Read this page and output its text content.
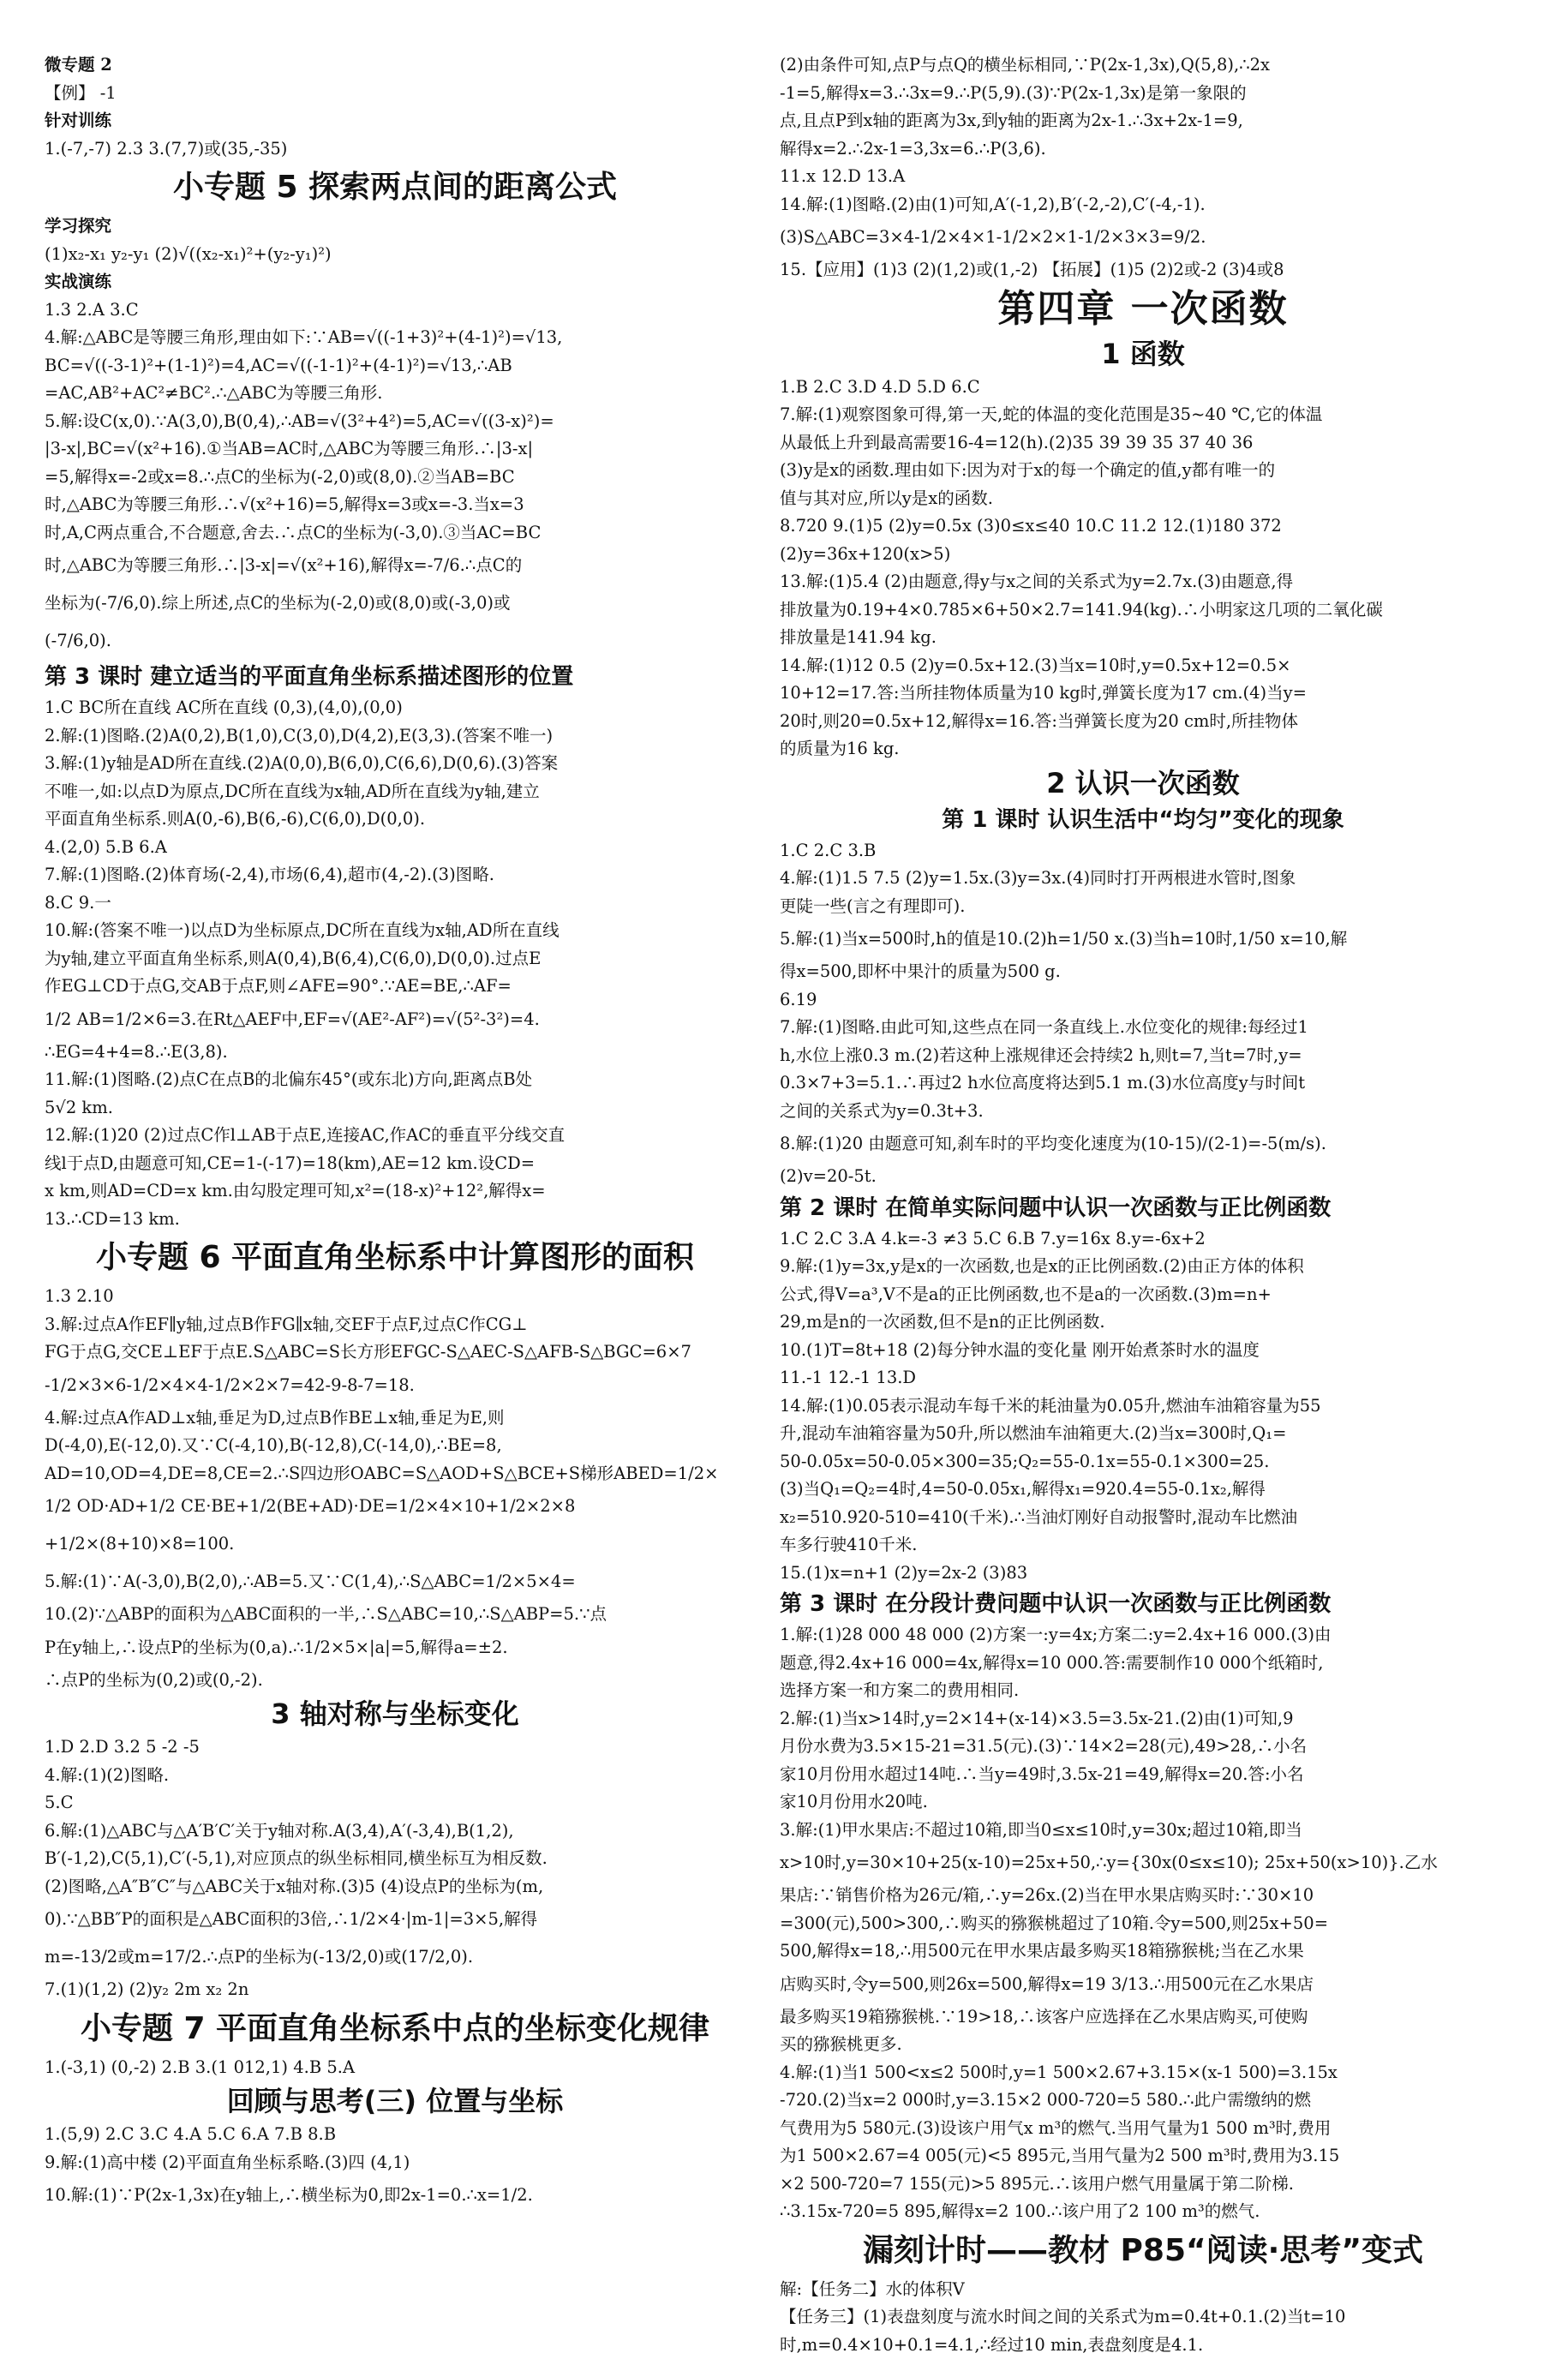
微专题 2
【例】 -1
针对训练
1.(-7,-7) 2.3 3.(7,7)或(35,-35)
小专题 5 探索两点间的距离公式
学习探究
(1)x₂-x₁ y₂-y₁ (2)√((x₂-x₁)²+(y₂-y₁)²)
实战演练
1.3 2.A 3.C
4.解:△ABC是等腰三角形,理由如下:∵AB=√((-1+3)²+(4-1)²)=√13,
BC=√((-3-1)²+(1-1)²)=4,AC=√((-1-1)²+(4-1)²)=√13,∴AB
=AC,AB²+AC²≠BC².∴△ABC为等腰三角形.
5.解:设C(x,0).∵A(3,0),B(0,4),∴AB=√(3²+4²)=5,AC=√((3-x)²)=
|3-x|,BC=√(x²+16).①当AB=AC时,△ABC为等腰三角形.∴|3-x|
=5,解得x=-2或x=8.∴点C的坐标为(-2,0)或(8,0).②当AB=BC
时,△ABC为等腰三角形.∴√(x²+16)=5,解得x=3或x=-3.当x=3
时,A,C两点重合,不合题意,舍去.∴点C的坐标为(-3,0).③当AC=BC
时,△ABC为等腰三角形.∴|3-x|=√(x²+16),解得x=-7/6.∴点C的
坐标为(-7/6,0).综上所述,点C的坐标为(-2,0)或(8,0)或(-3,0)或
(-7/6,0).
第 3 课时 建立适当的平面直角坐标系描述图形的位置
1.C BC所在直线 AC所在直线 (0,3),(4,0),(0,0)
2.解:(1)图略.(2)A(0,2),B(1,0),C(3,0),D(4,2),E(3,3).(答案不唯一)
3.解:(1)y轴是AD所在直线.(2)A(0,0),B(6,0),C(6,6),D(0,6).(3)答案
不唯一,如:以点D为原点,DC所在直线为x轴,AD所在直线为y轴,建立
平面直角坐标系.则A(0,-6),B(6,-6),C(6,0),D(0,0).
4.(2,0) 5.B 6.A
7.解:(1)图略.(2)体育场(-2,4),市场(6,4),超市(4,-2).(3)图略.
8.C 9.一
10.解:(答案不唯一)以点D为坐标原点,DC所在直线为x轴,AD所在直线
为y轴,建立平面直角坐标系,则A(0,4),B(6,4),C(6,0),D(0,0).过点E
作EG⊥CD于点G,交AB于点F,则∠AFE=90°.∵AE=BE,∴AF=
1/2 AB=1/2×6=3.在Rt△AEF中,EF=√(AE²-AF²)=√(5²-3²)=4.
∴EG=4+4=8.∴E(3,8).
11.解:(1)图略.(2)点C在点B的北偏东45°(或东北)方向,距离点B处
5√2 km.
12.解:(1)20 (2)过点C作l⊥AB于点E,连接AC,作AC的垂直平分线交直
线l于点D,由题意可知,CE=1-(-17)=18(km),AE=12 km.设CD=
x km,则AD=CD=x km.由勾股定理可知,x²=(18-x)²+12²,解得x=
13.∴CD=13 km.
小专题 6 平面直角坐标系中计算图形的面积
1.3 2.10
3.解:过点A作EF∥y轴,过点B作FG∥x轴,交EF于点F,过点C作CG⊥
FG于点G,交CE⊥EF于点E.S△ABC=S长方形EFGC-S△AEC-S△AFB-S△BGC=6×7
-1/2×3×6-1/2×4×4-1/2×2×7=42-9-8-7=18.
4.解:过点A作AD⊥x轴,垂足为D,过点B作BE⊥x轴,垂足为E,则
D(-4,0),E(-12,0).又∵C(-4,10),B(-12,8),C(-14,0),∴BE=8,
AD=10,OD=4,DE=8,CE=2.∴S四边形OABC=S△AOD+S△BCE+S梯形ABED=1/2×
1/2 OD·AD+1/2 CE·BE+1/2(BE+AD)·DE=1/2×4×10+1/2×2×8
+1/2×(8+10)×8=100.
5.解:(1)∵A(-3,0),B(2,0),∴AB=5.又∵C(1,4),∴S△ABC=1/2×5×4=
10.(2)∵△ABP的面积为△ABC面积的一半,∴S△ABC=10,∴S△ABP=5.∵点
P在y轴上,∴设点P的坐标为(0,a).∴1/2×5×|a|=5,解得a=±2.
∴点P的坐标为(0,2)或(0,-2).
3 轴对称与坐标变化
1.D 2.D 3.2 5 -2 -5
4.解:(1)(2)图略.
5.C
6.解:(1)△ABC与△A′B′C′关于y轴对称.A(3,4),A′(-3,4),B(1,2),
B′(-1,2),C(5,1),C′(-5,1),对应顶点的纵坐标相同,横坐标互为相反数.
(2)图略,△A″B″C″与△ABC关于x轴对称.(3)5 (4)设点P的坐标为(m,
0).∵△BB″P的面积是△ABC面积的3倍,∴1/2×4·|m-1|=3×5,解得
m=-13/2或m=17/2.∴点P的坐标为(-13/2,0)或(17/2,0).
7.(1)(1,2) (2)y₂ 2m x₂ 2n
小专题 7 平面直角坐标系中点的坐标变化规律
1.(-3,1) (0,-2) 2.B 3.(1 012,1) 4.B 5.A
回顾与思考(三) 位置与坐标
1.(5,9) 2.C 3.C 4.A 5.C 6.A 7.B 8.B
9.解:(1)高中楼 (2)平面直角坐标系略.(3)四 (4,1)
10.解:(1)∵P(2x-1,3x)在y轴上,∴横坐标为0,即2x-1=0.∴x=1/2.
(2)由条件可知,点P与点Q的横坐标相同,∵P(2x-1,3x),Q(5,8),∴2x
-1=5,解得x=3.∴3x=9.∴P(5,9).(3)∵P(2x-1,3x)是第一象限的
点,且点P到x轴的距离为3x,到y轴的距离为2x-1.∴3x+2x-1=9,
解得x=2.∴2x-1=3,3x=6.∴P(3,6).
11.x 12.D 13.A
14.解:(1)图略.(2)由(1)可知,A′(-1,2),B′(-2,-2),C′(-4,-1).
(3)S△ABC=3×4-1/2×4×1-1/2×2×1-1/2×3×3=9/2.
15.【应用】(1)3 (2)(1,2)或(1,-2) 【拓展】(1)5 (2)2或-2 (3)4或8
第四章 一次函数
1 函数
1.B 2.C 3.D 4.D 5.D 6.C
7.解:(1)观察图象可得,第一天,蛇的体温的变化范围是35~40 ℃,它的体温
从最低上升到最高需要16-4=12(h).(2)35 39 39 35 37 40 36
(3)y是x的函数.理由如下:因为对于x的每一个确定的值,y都有唯一的
值与其对应,所以y是x的函数.
8.720 9.(1)5 (2)y=0.5x (3)0≤x≤40 10.C 11.2 12.(1)180 372
(2)y=36x+120(x>5)
13.解:(1)5.4 (2)由题意,得y与x之间的关系式为y=2.7x.(3)由题意,得
排放量为0.19+4×0.785×6+50×2.7=141.94(kg).∴小明家这几项的二氧化碳
排放量是141.94 kg.
14.解:(1)12 0.5 (2)y=0.5x+12.(3)当x=10时,y=0.5x+12=0.5×
10+12=17.答:当所挂物体质量为10 kg时,弹簧长度为17 cm.(4)当y=
20时,则20=0.5x+12,解得x=16.答:当弹簧长度为20 cm时,所挂物体
的质量为16 kg.
2 认识一次函数
第 1 课时 认识生活中“均匀”变化的现象
1.C 2.C 3.B
4.解:(1)1.5 7.5 (2)y=1.5x.(3)y=3x.(4)同时打开两根进水管时,图象
更陡一些(言之有理即可).
5.解:(1)当x=500时,h的值是10.(2)h=1/50 x.(3)当h=10时,1/50 x=10,解
得x=500,即杯中果汁的质量为500 g.
6.19
7.解:(1)图略.由此可知,这些点在同一条直线上.水位变化的规律:每经过1
h,水位上涨0.3 m.(2)若这种上涨规律还会持续2 h,则t=7,当t=7时,y=
0.3×7+3=5.1.∴再过2 h水位高度将达到5.1 m.(3)水位高度y与时间t
之间的关系式为y=0.3t+3.
8.解:(1)20 由题意可知,刹车时的平均变化速度为(10-15)/(2-1)=-5(m/s).
(2)v=20-5t.
第 2 课时 在简单实际问题中认识一次函数与正比例函数
1.C 2.C 3.A 4.k=-3 ≠3 5.C 6.B 7.y=16x 8.y=-6x+2
9.解:(1)y=3x,y是x的一次函数,也是x的正比例函数.(2)由正方体的体积
公式,得V=a³,V不是a的正比例函数,也不是a的一次函数.(3)m=n+
29,m是n的一次函数,但不是n的正比例函数.
10.(1)T=8t+18 (2)每分钟水温的变化量 刚开始煮茶时水的温度
11.-1 12.-1 13.D
14.解:(1)0.05表示混动车每千米的耗油量为0.05升,燃油车油箱容量为55
升,混动车油箱容量为50升,所以燃油车油箱更大.(2)当x=300时,Q₁=
50-0.05x=50-0.05×300=35;Q₂=55-0.1x=55-0.1×300=25.
(3)当Q₁=Q₂=4时,4=50-0.05x₁,解得x₁=920.4=55-0.1x₂,解得
x₂=510.920-510=410(千米).∴当油灯刚好自动报警时,混动车比燃油
车多行驶410千米.
15.(1)x=n+1 (2)y=2x-2 (3)83
第 3 课时 在分段计费问题中认识一次函数与正比例函数
1.解:(1)28 000 48 000 (2)方案一:y=4x;方案二:y=2.4x+16 000.(3)由
题意,得2.4x+16 000=4x,解得x=10 000.答:需要制作10 000个纸箱时,
选择方案一和方案二的费用相同.
2.解:(1)当x>14时,y=2×14+(x-14)×3.5=3.5x-21.(2)由(1)可知,9
月份水费为3.5×15-21=31.5(元).(3)∵14×2=28(元),49>28,∴小名
家10月份用水超过14吨.∴当y=49时,3.5x-21=49,解得x=20.答:小名
家10月份用水20吨.
3.解:(1)甲水果店:不超过10箱,即当0≤x≤10时,y=30x;超过10箱,即当
x>10时,y=30×10+25(x-10)=25x+50,∴y={30x(0≤x≤10); 25x+50(x>10)}.乙水
果店:∵销售价格为26元/箱,∴y=26x.(2)当在甲水果店购买时:∵30×10
=300(元),500>300,∴购买的猕猴桃超过了10箱.令y=500,则25x+50=
500,解得x=18,∴用500元在甲水果店最多购买18箱猕猴桃;当在乙水果
店购买时,令y=500,则26x=500,解得x=19 3/13.∴用500元在乙水果店
最多购买19箱猕猴桃.∵19>18,∴该客户应选择在乙水果店购买,可使购
买的猕猴桃更多.
4.解:(1)当1 500<x≤2 500时,y=1 500×2.67+3.15×(x-1 500)=3.15x
-720.(2)当x=2 000时,y=3.15×2 000-720=5 580.∴此户需缴纳的燃
气费用为5 580元.(3)设该户用气x m³的燃气.当用气量为1 500 m³时,费用
为1 500×2.67=4 005(元)<5 895元,当用气量为2 500 m³时,费用为3.15
×2 500-720=7 155(元)>5 895元.∴该用户燃气用量属于第二阶梯.
∴3.15x-720=5 895,解得x=2 100.∴该户用了2 100 m³的燃气.
漏刻计时——教材 P85“阅读·思考”变式
解:【任务二】水的体积V
【任务三】(1)表盘刻度与流水时间之间的关系式为m=0.4t+0.1.(2)当t=10
时,m=0.4×10+0.1=4.1,∴经过10 min,表盘刻度是4.1.
